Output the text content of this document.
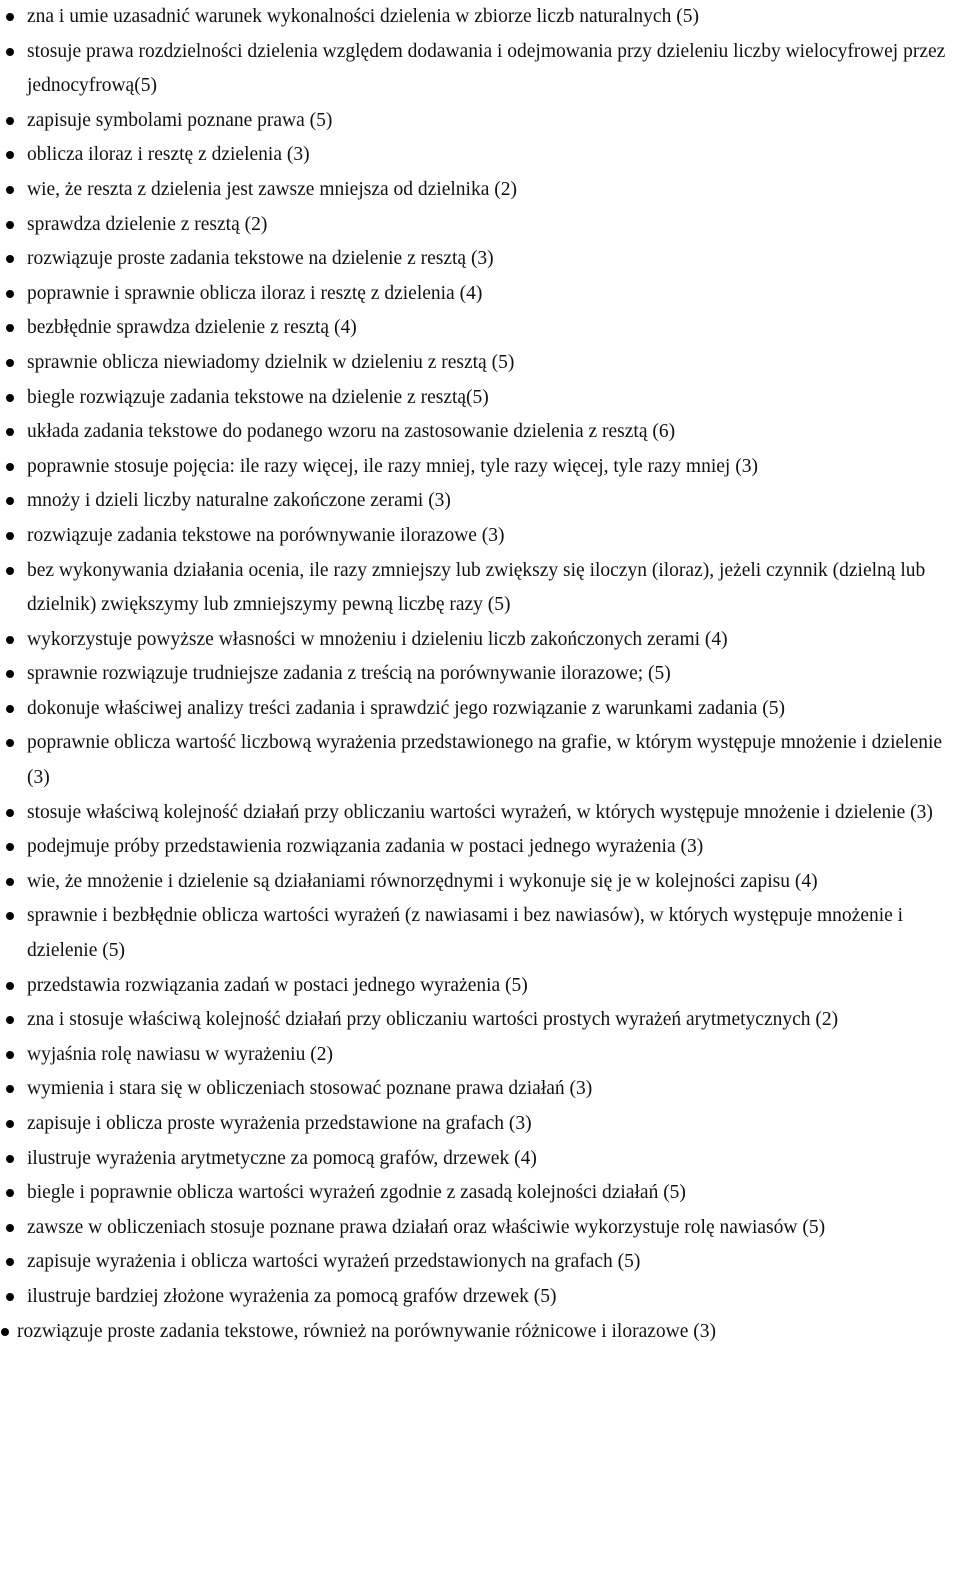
zna i umie uzasadnić warunek wykonalności dzielenia w zbiorze liczb naturalnych (5)
stosuje prawa rozdzielności dzielenia względem dodawania i odejmowania przy dzieleniu liczby wielocyfrowej przez jednocyfrową(5)
zapisuje symbolami poznane prawa (5)
oblicza iloraz i resztę z dzielenia (3)
wie, że reszta z dzielenia jest zawsze mniejsza od dzielnika (2)
sprawdza dzielenie z resztą (2)
rozwiązuje proste zadania tekstowe na dzielenie z resztą (3)
poprawnie i sprawnie oblicza iloraz i resztę z dzielenia (4)
bezbłędnie sprawdza dzielenie z resztą (4)
sprawnie oblicza niewiadomy dzielnik w dzieleniu z resztą (5)
biegle rozwiązuje zadania tekstowe na dzielenie z resztą(5)
układa zadania tekstowe do podanego wzoru na zastosowanie dzielenia z resztą (6)
poprawnie stosuje pojęcia: ile razy więcej, ile razy mniej, tyle razy więcej, tyle razy mniej (3)
mnoży i dzieli liczby naturalne zakończone zerami (3)
rozwiązuje zadania tekstowe na porównywanie ilorazowe (3)
bez wykonywania działania ocenia, ile razy zmniejszy lub zwiększy się iloczyn (iloraz), jeżeli czynnik (dzielną lub dzielnik) zwiększymy lub zmniejszymy pewną liczbę razy (5)
wykorzystuje powyższe własności w mnożeniu i dzieleniu liczb zakończonych zerami (4)
sprawnie rozwiązuje trudniejsze zadania z treścią na porównywanie ilorazowe; (5)
dokonuje właściwej analizy treści zadania i sprawdzić jego rozwiązanie z warunkami zadania (5)
poprawnie oblicza wartość liczbową wyrażenia przedstawionego na grafie, w którym występuje mnożenie i dzielenie (3)
stosuje właściwą kolejność działań przy obliczaniu wartości wyrażeń, w których występuje mnożenie i dzielenie (3)
podejmuje próby przedstawienia rozwiązania zadania w postaci jednego wyrażenia (3)
wie, że mnożenie i dzielenie są działaniami równorzędnymi i wykonuje się je w kolejności zapisu (4)
sprawnie i bezbłędnie oblicza wartości wyrażeń (z nawiasami i bez nawiasów), w których występuje mnożenie i dzielenie (5)
przedstawia rozwiązania zadań w postaci jednego wyrażenia (5)
zna i stosuje właściwą kolejność działań przy obliczaniu wartości prostych wyrażeń arytmetycznych (2)
wyjaśnia rolę nawiasu w wyrażeniu (2)
wymienia i stara się w obliczeniach stosować poznane prawa działań (3)
zapisuje i oblicza proste wyrażenia przedstawione na grafach (3)
ilustruje wyrażenia arytmetyczne za pomocą grafów, drzewek (4)
biegle i poprawnie oblicza wartości wyrażeń zgodnie z zasadą kolejności działań (5)
zawsze w obliczeniach stosuje poznane prawa działań oraz właściwie wykorzystuje rolę nawiasów (5)
zapisuje wyrażenia i oblicza wartości wyrażeń przedstawionych na grafach (5)
ilustruje bardziej złożone wyrażenia za pomocą grafów drzewek (5)
rozwiązuje proste zadania tekstowe, również na porównywanie różnicowe i ilorazowe (3)
